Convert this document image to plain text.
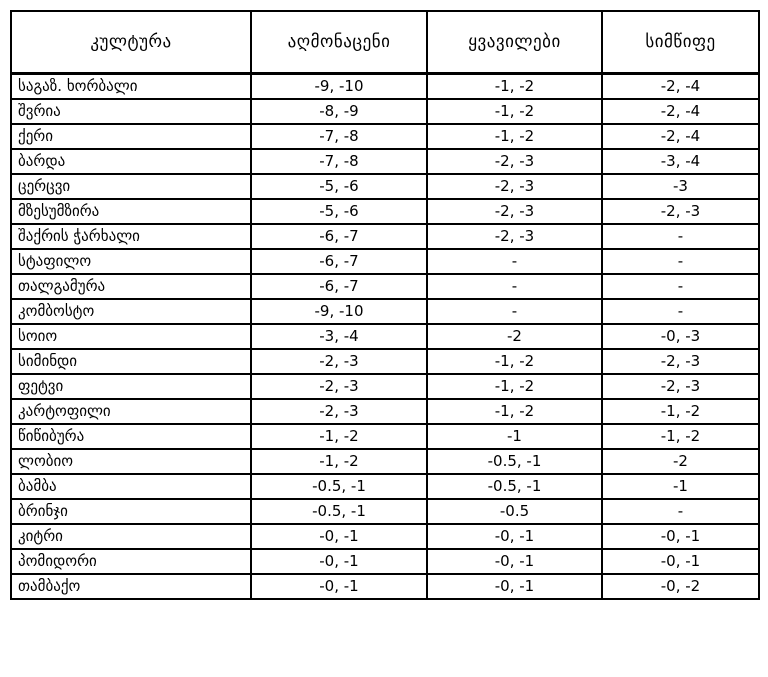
კულტურა	აღმონაცენი	ყვავილები	სიმწიფე
საგაზ. ხორბალი	-9, -10	-1, -2	-2, -4
შვრია	-8, -9	-1, -2	-2, -4
ქერი	-7, -8	-1, -2	-2, -4
ბარდა	-7, -8	-2, -3	-3, -4
ცერცვი	-5, -6	-2, -3	-3
მზესუმზირა	-5, -6	-2, -3	-2, -3
შაქრის ჭარხალი	-6, -7	-2, -3	-
სტაფილო	-6, -7	-	-
თალგამურა	-6, -7	-	-
კომბოსტო	-9, -10	-	-
სოიო	-3, -4	-2	-0, -3
სიმინდი	-2, -3	-1, -2	-2, -3
ფეტვი	-2, -3	-1, -2	-2, -3
კარტოფილი	-2, -3	-1, -2	-1, -2
წიწიბურა	-1, -2	-1	-1, -2
ლობიო	-1, -2	-0.5, -1	-2
ბამბა	-0.5, -1	-0.5, -1	-1
ბრინჯი	-0.5, -1	-0.5	-
კიტრი	-0, -1	-0, -1	-0, -1
პომიდორი	-0, -1	-0, -1	-0, -1
თამბაქო	-0, -1	-0, -1	-0, -2
